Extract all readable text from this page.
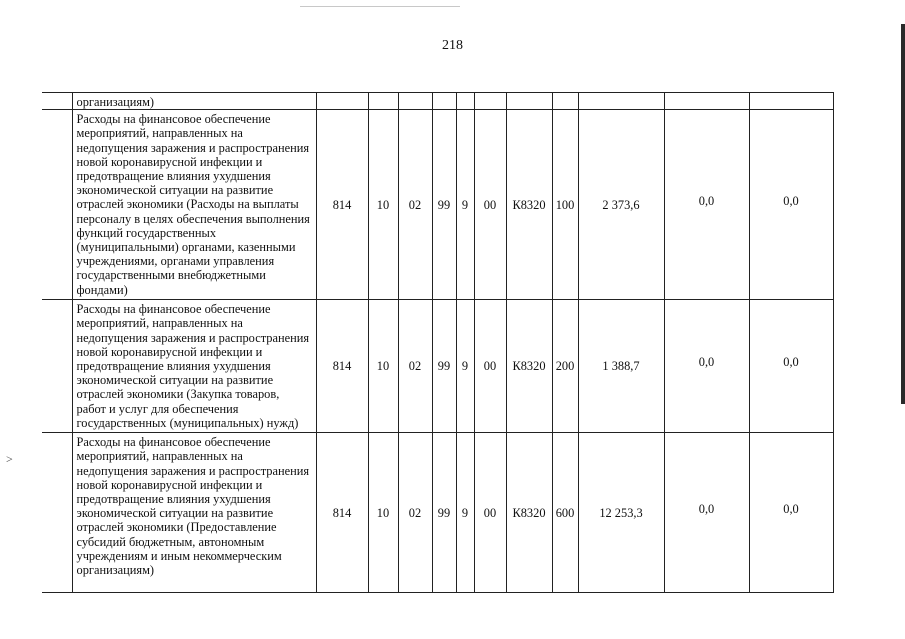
218
>
	организациям)											
	Расходы на финансовое обеспечение мероприятий, направленных на недопущения заражения и распространения новой коронавирусной инфекции и предотвращение влияния ухудшения экономической ситуации на развитие отраслей экономики (Расходы на выплаты персоналу в целях обеспечения выполнения функций государственных (муниципальными) органами, казенными учреждениями, органами управления государственными внебюджетными фондами)	814	10	02	99	9	00	К8320	100	2 373,6	0,0	0,0
	Расходы на финансовое обеспечение мероприятий, направленных на недопущения заражения и распространения новой коронавирусной инфекции и предотвращение влияния ухудшения экономической ситуации на развитие отраслей экономики (Закупка товаров, работ и услуг для обеспечения государственных (муниципальных) нужд)	814	10	02	99	9	00	К8320	200	1 388,7	0,0	0,0
	Расходы на финансовое обеспечение мероприятий, направленных на недопущения заражения и распространения новой коронавирусной инфекции и предотвращение влияния ухудшения экономической ситуации на развитие отраслей экономики (Предоставление субсидий бюджетным, автономным учреждениям и иным некоммерческим организациям)	814	10	02	99	9	00	К8320	600	12 253,3	0,0	0,0
